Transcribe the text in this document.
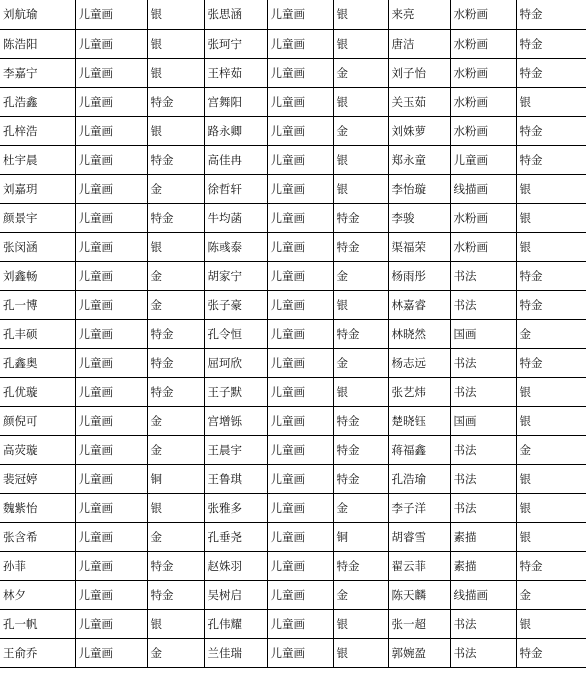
刘航瑜	儿童画	银	张思涵	儿童画	银	来亮	水粉画	特金
陈浩阳	儿童画	银	张珂宁	儿童画	银	唐洁	水粉画	特金
李嘉宁	儿童画	银	王梓茹	儿童画	金	刘子怡	水粉画	特金
孔浩鑫	儿童画	特金	宫舞阳	儿童画	银	关玉茹	水粉画	银
孔梓浩	儿童画	银	路永卿	儿童画	金	刘姝萝	水粉画	特金
杜宇晨	儿童画	特金	高佳冉	儿童画	银	郑永童	儿童画	特金
刘嘉玥	儿童画	金	徐哲轩	儿童画	银	李怡璇	线描画	银
颜景宇	儿童画	特金	牛均菡	儿童画	特金	李骏	水粉画	银
张闵涵	儿童画	银	陈彧泰	儿童画	特金	渠福荣	水粉画	银
刘鑫畅	儿童画	金	胡家宁	儿童画	金	杨雨彤	书法	特金
孔一博	儿童画	金	张子豪	儿童画	银	林嘉睿	书法	特金
孔丰硕	儿童画	特金	孔令恒	儿童画	特金	林晓然	国画	金
孔鑫奥	儿童画	特金	屈珂欣	儿童画	金	杨志远	书法	特金
孔优璇	儿童画	特金	王子默	儿童画	银	张艺炜	书法	银
颜倪可	儿童画	金	宫增铄	儿童画	特金	楚晓钰	国画	银
高荧璇	儿童画	金	王晨宇	儿童画	特金	蒋福鑫	书法	金
裴冠婷	儿童画	铜	王鲁琪	儿童画	特金	孔浩瑜	书法	银
魏紫怡	儿童画	银	张雅多	儿童画	金	李子洋	书法	银
张含希	儿童画	金	孔垂尧	儿童画	铜	胡睿雪	素描	银
孙菲	儿童画	特金	赵姝羽	儿童画	特金	翟云菲	素描	特金
林夕	儿童画	特金	吴树启	儿童画	金	陈天麟	线描画	金
孔一帆	儿童画	银	孔伟耀	儿童画	银	张一超	书法	银
王俞乔	儿童画	金	兰佳瑞	儿童画	银	郭婉盈	书法	特金
